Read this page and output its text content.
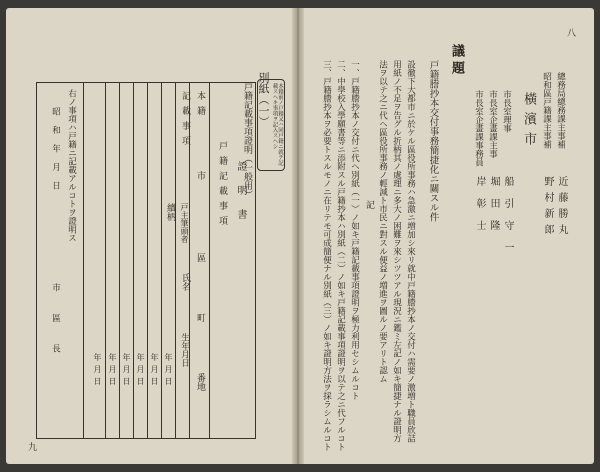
八
總務局總務課主事補
近藤勝丸
昭和區戸籍課主事補
野村新郎
橫濱市
市長室理事
船引守一
市長室企畫課主事
堀田隆
市長室企畫課事務員
岸彰士
議題
戸籍謄抄本交付事務簡捷化ニ關スル件
設徹下大都市ニ於ケル區役所事務ハ急激ニ増加シ來リ就中戸籍謄抄本ノ交付ハ需要ノ激増ト職員欣詰
用紙ノ不足ヲ告グル折柄其ノ處理ニ多大ノ困難ヲ來シツツアル現況ニ鑑ミ左記ノ如キ簡捷ナル證明方
法ヲ以テ之ニ代ヘ區役所事務ノ輕減ト市民ニ對スル便益ノ増進ヲ圖ルノ要アリト認ム
記
一、戸籍謄抄本ノ交付ニ代ヘ別紙（一）ノ如キ戸籍記載事項證明ヲ極力利用セシムルコト
二、中學校入學願書等ニ添附スル戸籍抄本ハ別紙（二）ノ如キ戸籍記載事項證明ヲ以テ之ニ代フルコト
三、戸籍謄抄本ヲ必要トスルモノニ在リテモ可成簡便ナル別紙（三）ノ如キ證明方法ヲ採ラシムルコト
九
別紙（一）
戸籍記載事項證明（一般用）	本籍前ノ戸籍又ハ同戸籍ニ就テ記載スヘキ事項ヲ記入スヘシ
證明書
戸籍記載事項
本籍
市
區
町
番地
記載事項
戸主筆頭者
氏名
生年月日
續柄
年月日
年月日
年月日
年月日
年月日
年月日
右ノ事項ハ戸籍ニ記載アルコトヲ證明ス
昭和年月日
市區長
